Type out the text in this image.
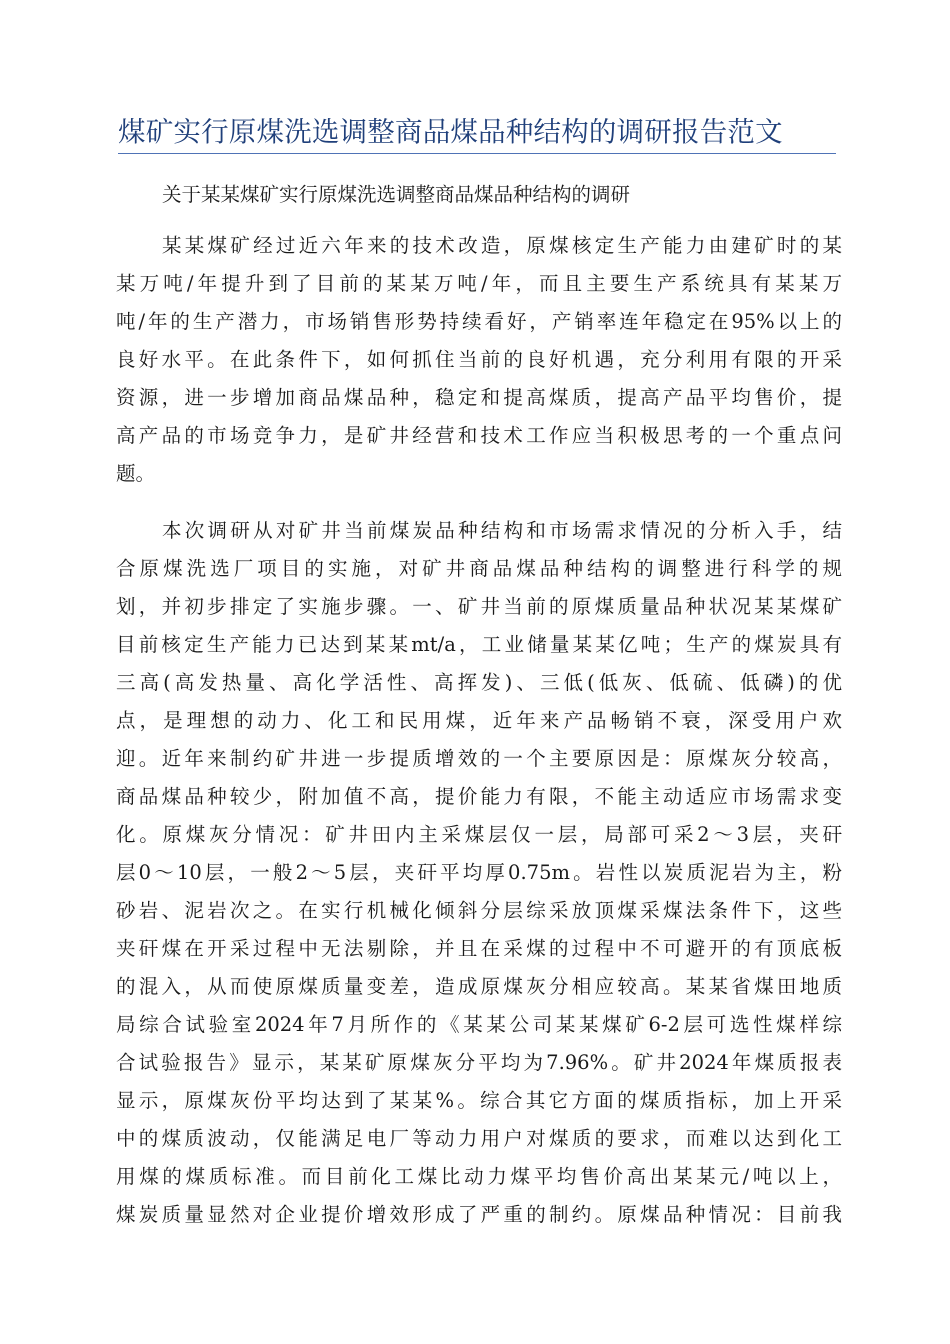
煤矿实行原煤洗选调整商品煤品种结构的调研报告范文
关于某某煤矿实行原煤洗选调整商品煤品种结构的调研
某某煤矿经过近六年来的技术改造，原煤核定生产能力由建矿时的某
某万吨/年提升到了目前的某某万吨/年，而且主要生产系统具有某某万
吨/年的生产潜力，市场销售形势持续看好，产销率连年稳定在95%以上的
良好水平。在此条件下，如何抓住当前的良好机遇，充分利用有限的开采
资源，进一步增加商品煤品种，稳定和提高煤质，提高产品平均售价，提
高产品的市场竞争力，是矿井经营和技术工作应当积极思考的一个重点问
题。
本次调研从对矿井当前煤炭品种结构和市场需求情况的分析入手，结
合原煤洗选厂项目的实施，对矿井商品煤品种结构的调整进行科学的规
划，并初步排定了实施步骤。一、矿井当前的原煤质量品种状况某某煤矿
目前核定生产能力已达到某某mt/a，工业储量某某亿吨；生产的煤炭具有
三高(高发热量、高化学活性、高挥发)、三低(低灰、低硫、低磷)的优
点，是理想的动力、化工和民用煤，近年来产品畅销不衰，深受用户欢
迎。近年来制约矿井进一步提质增效的一个主要原因是：原煤灰分较高，
商品煤品种较少，附加值不高，提价能力有限，不能主动适应市场需求变
化。原煤灰分情况：矿井田内主采煤层仅一层，局部可采2～3层，夹矸
层0～10层，一般2～5层，夹矸平均厚0.75m。岩性以炭质泥岩为主，粉
砂岩、泥岩次之。在实行机械化倾斜分层综采放顶煤采煤法条件下，这些
夹矸煤在开采过程中无法剔除，并且在采煤的过程中不可避开的有顶底板
的混入，从而使原煤质量变差，造成原煤灰分相应较高。某某省煤田地质
局综合试验室2024年7月所作的《某某公司某某煤矿6-2层可选性煤样综
合试验报告》显示，某某矿原煤灰分平均为7.96%。矿井2024年煤质报表
显示，原煤灰份平均达到了某某%。综合其它方面的煤质指标，加上开采
中的煤质波动，仅能满足电厂等动力用户对煤质的要求，而难以达到化工
用煤的煤质标准。而目前化工煤比动力煤平均售价高出某某元/吨以上，
煤炭质量显然对企业提价增效形成了严重的制约。原煤品种情况：目前我
